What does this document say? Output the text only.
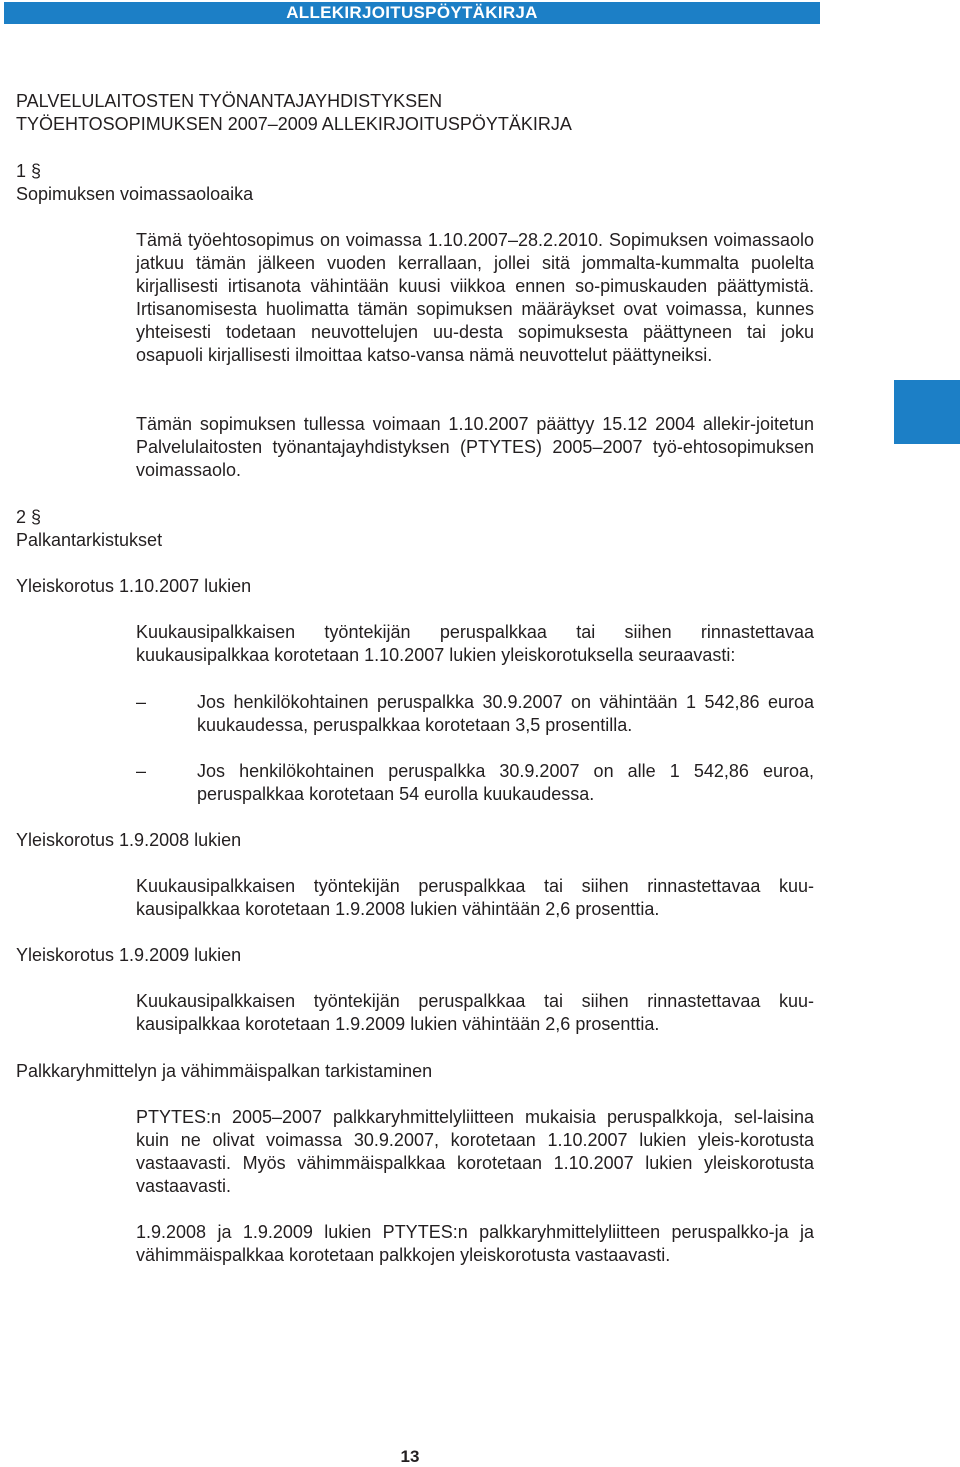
ALLEKIRJOITUSPÖYTÄKIRJA

PALVELULAITOSTEN TYÖNANTAJAYHDISTYKSEN

TYÖEHTOSOPIMUKSEN 2007–2009 ALLEKIRJOITUSPÖYTÄKIRJA

1 §

Sopimuksen voimassaoloaika

Tämä työehtosopimus on voimassa 1.10.2007–28.2.2010. Sopimuksen voimassaolo jatkuu tämän jälkeen vuoden kerrallaan, jollei sitä jommalta-kummalta puolelta kirjallisesti irtisanota vähintään kuusi viikkoa ennen so-pimuskauden päättymistä. Irtisanomisesta huolimatta tämän sopimuksen määräykset ovat voimassa, kunnes yhteisesti todetaan neuvottelujen uu-desta sopimuksesta päättyneen tai joku osapuoli kirjallisesti ilmoittaa katso-vansa nämä neuvottelut päättyneiksi.

Tämän sopimuksen tullessa voimaan 1.10.2007 päättyy 15.12 2004 allekir-joitetun Palvelulaitosten työnantajayhdistyksen (PTYTES) 2005–2007 työ-ehtosopimuksen voimassaolo.

2 §

Palkantarkistukset

Yleiskorotus 1.10.2007 lukien

Kuukausipalkkaisen työntekijän peruspalkkaa tai siihen rinnastettavaa kuukausipalkkaa korotetaan 1.10.2007 lukien yleiskorotuksella seuraavasti:

–	Jos henkilökohtainen peruspalkka 30.9.2007 on vähintään 1 542,86 euroa kuukaudessa, peruspalkkaa korotetaan 3,5 prosentilla.

–	Jos henkilökohtainen peruspalkka 30.9.2007 on alle 1 542,86 euroa, peruspalkkaa korotetaan 54 eurolla kuukaudessa.

Yleiskorotus 1.9.2008 lukien

Kuukausipalkkaisen työntekijän peruspalkkaa tai siihen rinnastettavaa kuu-kausipalkkaa korotetaan 1.9.2008 lukien vähintään 2,6 prosenttia.

Yleiskorotus 1.9.2009 lukien

Kuukausipalkkaisen työntekijän peruspalkkaa tai siihen rinnastettavaa kuu-kausipalkkaa korotetaan 1.9.2009 lukien vähintään 2,6 prosenttia.

Palkkaryhmittelyn ja vähimmäispalkan tarkistaminen

PTYTES:n 2005–2007 palkkaryhmittelyliitteen mukaisia peruspalkkoja, sel-laisina kuin ne olivat voimassa 30.9.2007, korotetaan 1.10.2007 lukien yleis-korotusta vastaavasti. Myös vähimmäispalkkaa korotetaan 1.10.2007 lukien yleiskorotusta vastaavasti.

1.9.2008 ja 1.9.2009 lukien PTYTES:n palkkaryhmittelyliitteen peruspalkko-ja ja vähimmäispalkkaa korotetaan palkkojen yleiskorotusta vastaavasti.

13
